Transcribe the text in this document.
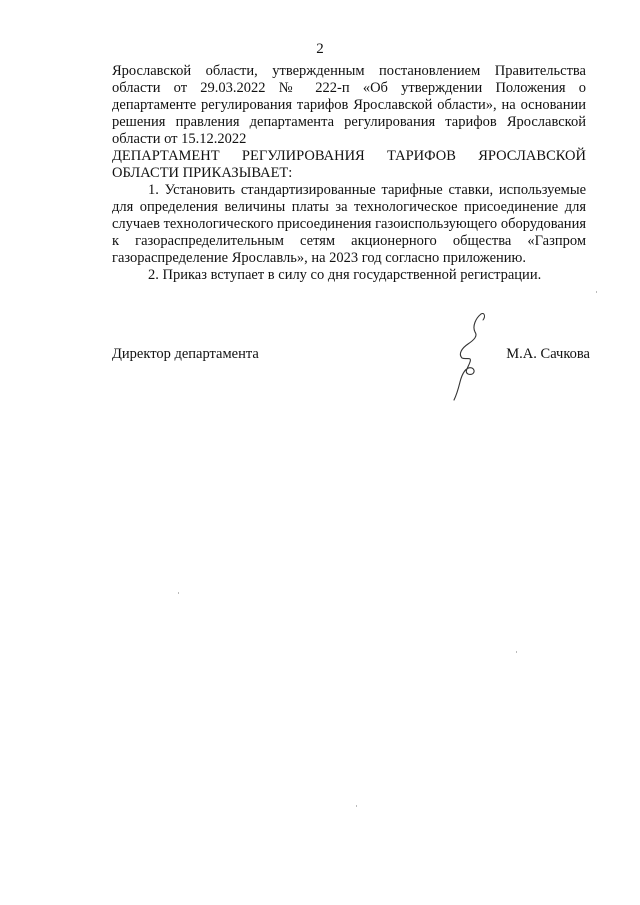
2

Ярославской области, утвержденным постановлением Правительства области от 29.03.2022 № 222-п «Об утверждении Положения о департаменте регулирования тарифов Ярославской области», на основании решения правления департамента регулирования тарифов Ярославской области от 15.12.2022

ДЕПАРТАМЕНТ РЕГУЛИРОВАНИЯ ТАРИФОВ ЯРОСЛАВСКОЙ ОБЛАСТИ ПРИКАЗЫВАЕТ:

1. Установить стандартизированные тарифные ставки, используемые для определения величины платы за технологическое присоединение для случаев технологического присоединения газоиспользующего оборудования к газораспределительным сетям акционерного общества «Газпром газораспределение Ярославль», на 2023 год согласно приложению.

2. Приказ вступает в силу со дня государственной регистрации.

Директор департамента	М.А. Сачкова
